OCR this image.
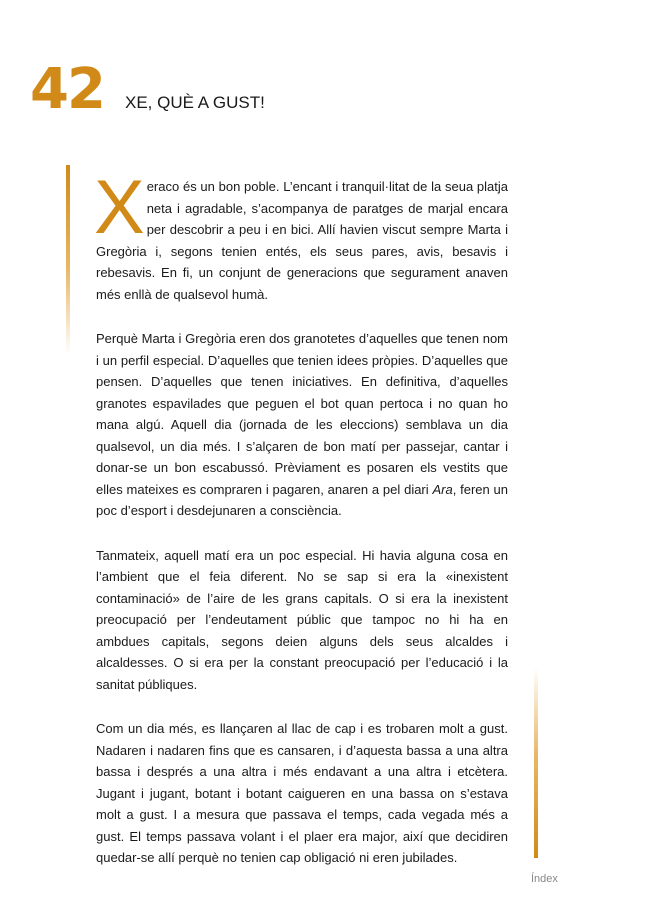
42 XE, QUÈ A GUST!

Xeraco és un bon poble. L’encant i tranquil·litat de la seua platja neta i agradable, s’acompanya de paratges de marjal encara per descobrir a peu i en bici. Allí havien viscut sempre Marta i Gregòria i, segons tenien entés, els seus pares, avis, besavis i rebesavis. En fi, un conjunt de generacions que segurament anaven més enllà de qualsevol humà.

Perquè Marta i Gregòria eren dos granotetes d’aquelles que tenen nom i un perfil especial. D’aquelles que tenien idees pròpies. D’aquelles que pensen. D’aquelles que tenen iniciatives. En definitiva, d’aquelles granotes espavilades que peguen el bot quan pertoca i no quan ho mana algú. Aquell dia (jornada de les eleccions) semblava un dia qualsevol, un dia més. I s’alçaren de bon matí per passejar, cantar i donar-se un bon escabussó. Prèviament es posaren els vestits que elles mateixes es compraren i pagaren, anaren a pel diari Ara, feren un poc d’esport i desdejunaren a consciència.

Tanmateix, aquell matí era un poc especial. Hi havia alguna cosa en l’ambient que el feia diferent. No se sap si era la «inexistent contaminació» de l’aire de les grans capitals. O si era la inexistent preocupació per l’endeutament públic que tampoc no hi ha en ambdues capitals, segons deien alguns dels seus alcaldes i alcaldesses. O si era per la constant preocupació per l’educació i la sanitat públiques.

Com un dia més, es llançaren al llac de cap i es trobaren molt a gust. Nadaren i nadaren fins que es cansaren, i d’aquesta bassa a una altra bassa i després a una altra i més endavant a una altra i etcètera. Jugant i jugant, botant i botant caigueren en una bassa on s’estava molt a gust. I a mesura que passava el temps, cada vegada més a gust. El temps passava volant i el plaer era major, així que decidiren quedar-se allí perquè no tenien cap obligació ni eren jubilades.

Índex
